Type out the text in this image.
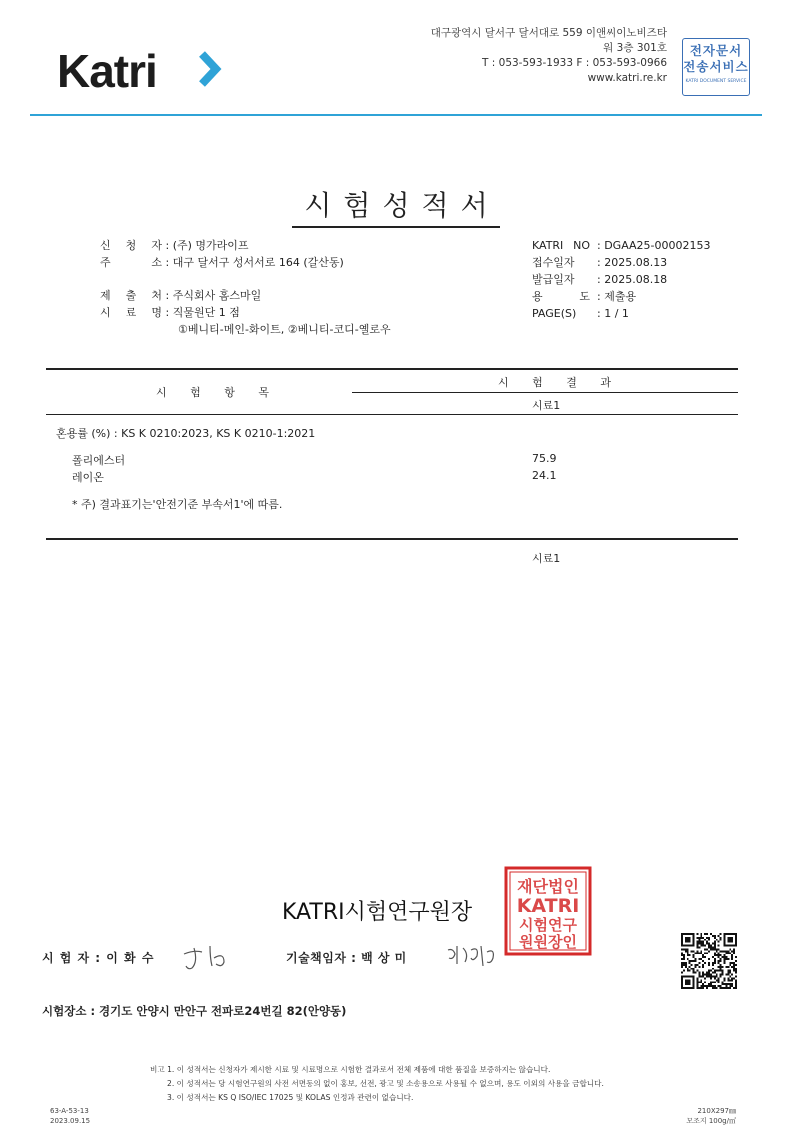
Katri
대구광역시 달서구 달서대로 559 이앤씨이노비즈타
워 3층 301호
T : 053-593-1933 F : 053-593-0966
www.katri.re.kr
전자문서
전송서비스
KATRI DOCUMENT SERVICE
시험성적서
신 청 자 : (주) 명가라이프
주 소 : 대구 달서구 성서서로 164 (갈산동)
제 출 처 : 주식회사 홈스마일
시 료 명 : 직물원단 1 점
①베니티-메인-화이트, ②베니티-코디-옐로우
KATRI NO  : DGAA25-00002153
접수일자  : 2025.08.13
발급일자  : 2025.08.18
용 도  : 제출용
PAGE(S)  : 1 / 1
시 험 항 목
시 험 결 과
시료1
혼용률 (%) : KS K 0210:2023, KS K 0210-1:2021
폴리에스터	75.9
레이온	24.1
* 주) 결과표기는'안전기준 부속서1'에 따름.
시료1
KATRI시험연구원장
재단법인
KATRI
시험연구
원원장인
시 험 자 : 이 화 수	기술책임자 : 백 상 미
시험장소 : 경기도 안양시 만안구 전파로24번길 82(안양동)
비고 1. 이 성적서는 신청자가 제시한 시료 및 시료명으로 시험한 결과로서 전체 제품에 대한 품질을 보증하지는 않습니다.
2. 이 성적서는 당 시험연구원의 사전 서면동의 없이 홍보, 선전, 광고 및 소송용으로 사용될 수 없으며, 용도 이외의 사용을 금합니다.
3. 이 성적서는 KS Q ISO/IEC 17025 및 KOLAS 인정과 관련이 없습니다.
63-A-53-13
2023.09.15
210X297㎜
모조지 100g/㎡
